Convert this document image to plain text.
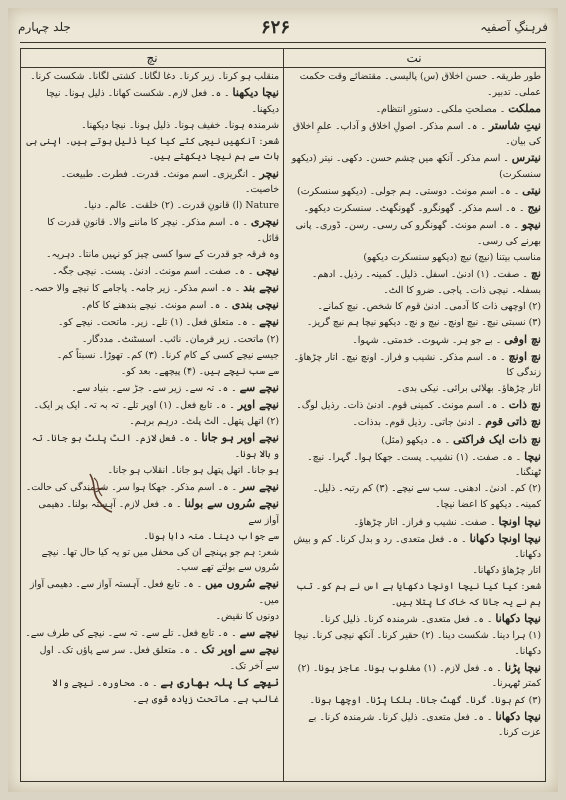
فرہنگِ آصفیہ
۶۲۶
جلد چہارم
نت
نچ
طور طریقہ۔ حسن اخلاق (س) پالیسی۔ مقتضائے وقت حکمت عملی۔ تدبیر۔
مملکت۔ مصلحتِ ملکی۔ دستورِ انتظام۔
نیتِ شاستر۔ ہ۔ اسم مذکر۔ اصولِ اخلاق و آداب۔ علمِ اخلاق کی بیان۔
نیترس۔ اسم مذکر۔ آنکھ میں چشم حسن۔ دکھی۔ نیتر (دیکھو سنسکرت)
نیتی۔ ہ۔ اسم مونث۔ دوستی۔ ہم جولی۔ (دیکھو سنسکرت)
نیج۔ ہ۔ اسم مذکر۔ گھونگرو۔ گھونگھٹ۔ سنسکرت دیکھو۔
نیچو۔ ہ۔ اسم مونث۔ گھونگرو کی رسی۔ رسن۔ ڈوری۔ پانی بھرنے کی رسی۔
مناسب بیتنا (نیچ) نیچ (دیکھو سنسکرت دیکھو)
نچ۔ صفت۔ (۱) ادنیٰ۔ اسفل۔ ذلیل۔ کمینہ۔ رذیل۔ ادھم۔
بسفلہ۔ نیچی ذات۔ پاجی۔ ضرو کا الٹ۔
(۲) اوچھی ذات کا آدمی۔ ادنیٰ قوم کا شخص۔ نیچ کمانے۔
(۳) نسبتی نیچ۔ نیچ اونچ۔ نیچ و نچ۔ دیکھو نیچا ہم نیچ گریز۔
نچ اوفی۔ بے جو ہر۔ شہوت۔ خدمتی۔ شہوا۔
نچ اونچ۔ ہ۔ اسم مذکر۔ نشیب و فراز۔ اونچ نیچ۔ اتار چڑھاؤ۔ زندگی کا
اتار چڑھاؤ۔ بھلائی برائی۔ نیکی بدی۔
نچ ذات۔ ہ۔ اسم مونث۔ کمینی قوم۔ ادنیٰ ذات۔ رذیل لوگ۔
نچ ذاتی قوم۔ ادنیٰ جاتی۔ رذیل قوم۔ بدذات۔
نچ ذات ایک فراکتی۔ ہ۔ دیکھو (مثل)
نیچا۔ ہ۔ صفت۔ (۱) نشیب۔ پست۔ جھکا ہوا۔ گہرا۔ نیچ۔ ٹھنگنا۔
(۲) کم۔ ادنیٰ۔ ادھنی۔ سب سے نیچے۔ (۳) کم رتبہ۔ ذلیل۔
کمینہ۔ دیکھو کا اعضا نیچا۔
نیچا اونچا۔ صفت۔ نشیب و فراز۔ اتار چڑھاؤ۔
نیچا اونچا دکھانا۔ ہ۔ فعل متعدی۔ رد و بدل کرنا۔ کم و بیش دکھانا۔
اتار چڑھاؤ دکھانا۔
شعر: کیا کیا نیچا اونچا دکھایا ہے اس نے ہم کو۔ تب ہم نے یہ جانا کہ خاک کا پتلا ہیں۔
نیچا دکھانا۔ ہ۔ فعل متعدی۔ شرمندہ کرنا۔ ذلیل کرنا۔
(۱) ہرا دینا۔ شکست دینا۔ (۲) حقیر کرنا۔ آنکھ نیچی کرنا۔ نیچا دکھانا۔
نیچا پڑنا۔ ہ۔ فعل لازم۔ (۱) مغلوب ہونا۔ عاجز ہونا۔ (۲) کمتر ٹھہرنا۔
(۳) کم ہونا۔ گرنا۔ گھٹ جانا۔ ہلکا پڑنا۔ اوچھا ہونا۔
نیچا دکھانا۔ ہ۔ فعل متعدی۔ ذلیل کرنا۔ شرمندہ کرنا۔ بے عزت کرنا۔
منقلب ہو کرنا۔ زیر کرنا۔ دغا لگانا۔ کشتی لگانا۔ شکست کرنا۔
نیچا دیکھنا۔ ہ۔ فعل لازم۔ شکست کھانا۔ ذلیل ہونا۔ نیچا دیکھنا۔
شرمندہ ہونا۔ خفیف ہونا۔ ذلیل ہونا۔ نیچا دیکھنا۔
شعر: آنکھیں نیچی کئے کیا کیا ذلیل ہوتے ہیں۔ اپنی ہی بات سے ہم نیچا دیکھتے ہیں۔
نیچر۔ انگریزی۔ اسم مونث۔ قدرت۔ فطرت۔ طبیعت۔ خاصیت۔
Nature (ا) قانونِ قدرت۔ (۲) خلقت۔ عالم۔ دنیا۔
نیچری۔ ہ۔ اسم مذکر۔ نیچر کا ماننے والا۔ قانونِ قدرت کا قائل۔
وہ فرقہ جو قدرت کے سوا کسی چیز کو نہیں مانتا۔ دہریہ۔
نیچی۔ ہ۔ صفت۔ اسم مونث۔ ادنیٰ۔ پست۔ نیچی جگہ۔
نیچے بند۔ ہ۔ اسم مذکر۔ زیر جامہ۔ پاجامے کا نیچے والا حصہ۔
نیچی بندی۔ ہ۔ اسم مونث۔ نیچے بندھنے کا کام۔
نیچے۔ ہ۔ متعلق فعل۔ (۱) تلے۔ زیر۔ ماتحت۔ نیچے کو۔
(۲) ماتحت۔ زیر فرمان۔ نائب۔ اسسٹنٹ۔ مددگار۔
جیسے نیچے کسی کے کام کرنا۔ (۳) کم۔ تھوڑا۔ نسبتاً کم۔
سے سب نیچے ہیں۔ (۴) پیچھے۔ بعد کو۔
نیچے سے۔ ہ۔ تہ سے۔ زیر سے۔ جڑ سے۔ بنیاد سے۔
نیچے اوپر۔ ہ۔ تابع فعل۔ (۱) اوپر تلے۔ تہ بہ تہ۔ ایک پر ایک۔
(۲) اتھل پتھل۔ الٹ پلٹ۔ درہم برہم۔
نیچے اوپر ہو جانا۔ ہ۔ فعل لازم۔ الٹ پلٹ ہو جانا۔ تہ و بالا ہونا۔
ہو جانا۔ اتھل پتھل ہو جانا۔ انقلاب ہو جانا۔
نیچے سر۔ ہ۔ اسم مذکر۔ جھکا ہوا سر۔ شرمندگی کی حالت۔
نیچے سُروں سے بولنا۔ ہ۔ فعل لازم۔ آہستہ بولنا۔ دھیمی آواز سے
سے جواب دینا۔ منہ دابا ہونا۔
شعر: ہم جو پہنچے ان کی محفل میں تو یہ کیا حال تھا۔ نیچے سُروں سے بولتے تھے سب۔
نیچے سُروں میں۔ ہ۔ تابع فعل۔ آہستہ آواز سے۔ دھیمی آواز میں۔
دونوں کا نقیض۔
نیچے سے۔ ہ۔ تابع فعل۔ تلے سے۔ تہ سے۔ نیچے کی طرف سے۔
نیچے سے اوپر تک۔ ہ۔ متعلق فعل۔ سر سے پاؤں تک۔ اول سے آخر تک۔
نیچے کا پلہ بھاری ہے۔ ہ۔ محاورہ۔ نیچے والا غالب ہے۔ ماتحت زیادہ قوی ہے۔
